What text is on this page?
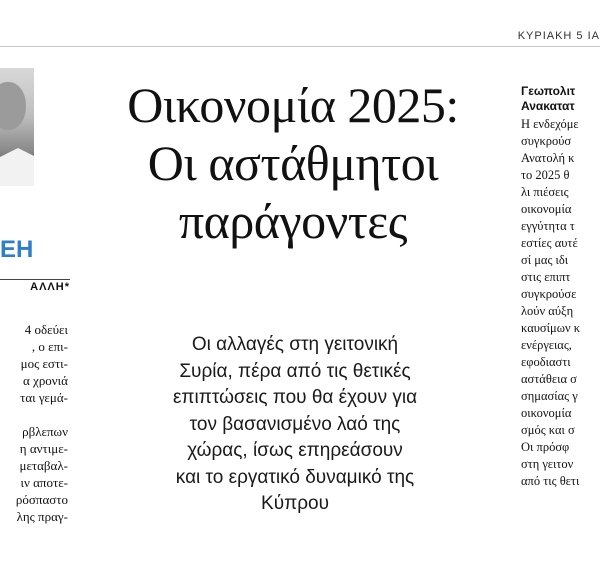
ΚΥΡΙΑΚΗ 5 ΙΑ
ΕΗ
ΑΛΛΗ*
4 οδεύει
, ο επι-
μος εστι-
α χρονιά
ται γεμά-
ρβλεπων
η αντιμε-
μεταβαλ-
ιν αποτε-
ρόσπαστο
λης πραγ-
Οικονομία 2025:
Οι αστάθμητοι
παράγοντες
Οι αλλαγές στη γειτονική
Συρία, πέρα από τις θετικές
επιπτώσεις που θα έχουν για
τον βασανισμένο λαό της
χώρας, ίσως επηρεάσουν
και το εργατικό δυναμικό της
Κύπρου
Γεωπολιτ
Ανακατατ
Η ενδεχόμε
συγκρούσ
Ανατολή κ
το 2025 θ
λι πιέσεις
οικονομία
εγγύτητα τ
εστίες αυτέ
σί μας ιδι
στις επιπτ
συγκρούσε
λούν αύξη
καυσίμων κ
ενέργειας,
εφοδιαστι
αστάθεια σ
σημασίας γ
οικονομία
σμός και σ
Οι πρόσφ
στη γειτον
από τις θετι
